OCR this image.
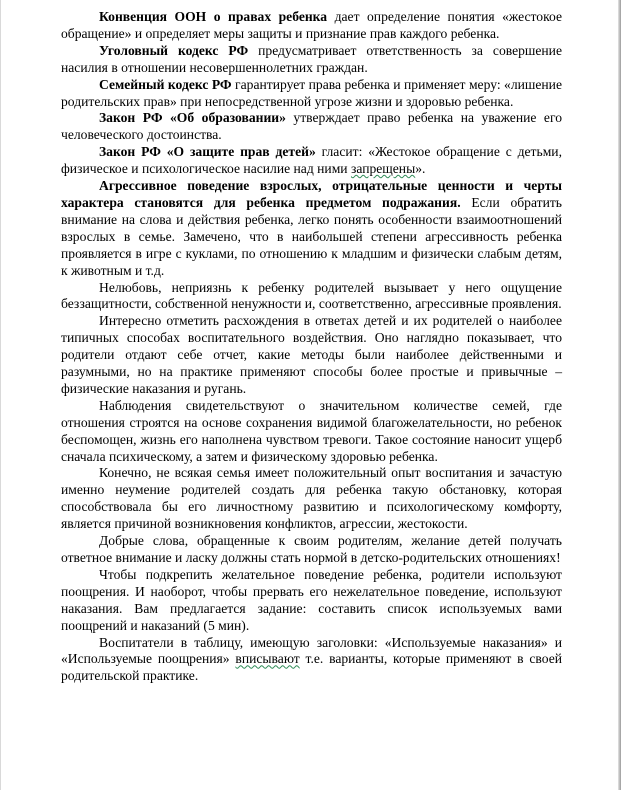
Конвенция ООН о правах ребенка дает определение понятия «жестокое обращение» и определяет меры защиты и признание прав каждого ребенка.

Уголовный кодекс РФ предусматривает ответственность за совершение насилия в отношении несовершеннолетних граждан.

Семейный кодекс РФ гарантирует права ребенка и применяет меру: «лишение родительских прав» при непосредственной угрозе жизни и здоровью ребенка.

Закон РФ «Об образовании» утверждает право ребенка на уважение его человеческого достоинства.

Закон РФ «О защите прав детей» гласит: «Жестокое обращение с детьми, физическое и психологическое насилие над ними запрещены».

Агрессивное поведение взрослых, отрицательные ценности и черты характера становятся для ребенка предметом подражания. Если обратить внимание на слова и действия ребенка, легко понять особенности взаимоотношений взрослых в семье. Замечено, что в наибольшей степени агрессивность ребенка проявляется в игре с куклами, по отношению к младшим и физически слабым детям, к животным и т.д.

Нелюбовь, неприязнь к ребенку родителей вызывает у него ощущение беззащитности, собственной ненужности и, соответственно, агрессивные проявления.

Интересно отметить расхождения в ответах детей и их родителей о наиболее типичных способах воспитательного воздействия. Оно наглядно показывает, что родители отдают себе отчет, какие методы были наиболее действенными и разумными, но на практике применяют способы более простые и привычные – физические наказания и ругань.

Наблюдения свидетельствуют о значительном количестве семей, где отношения строятся на основе сохранения видимой благожелательности, но ребенок беспомощен, жизнь его наполнена чувством тревоги. Такое состояние наносит ущерб сначала психическому, а затем и физическому здоровью ребенка.

Конечно, не всякая семья имеет положительный опыт воспитания и зачастую именно неумение родителей создать для ребенка такую обстановку, которая способствовала бы его личностному развитию и психологическому комфорту, является причиной возникновения конфликтов, агрессии, жестокости.

Добрые слова, обращенные к своим родителям, желание детей получать ответное внимание и ласку должны стать нормой в детско-родительских отношениях!

Чтобы подкрепить желательное поведение ребенка, родители используют поощрения. И наоборот, чтобы прервать его нежелательное поведение, используют наказания. Вам предлагается задание: составить список используемых вами поощрений и наказаний (5 мин).

Воспитатели в таблицу, имеющую заголовки: «Используемые наказания» и «Используемые поощрения» вписывают т.е. варианты, которые применяют в своей родительской практике.
